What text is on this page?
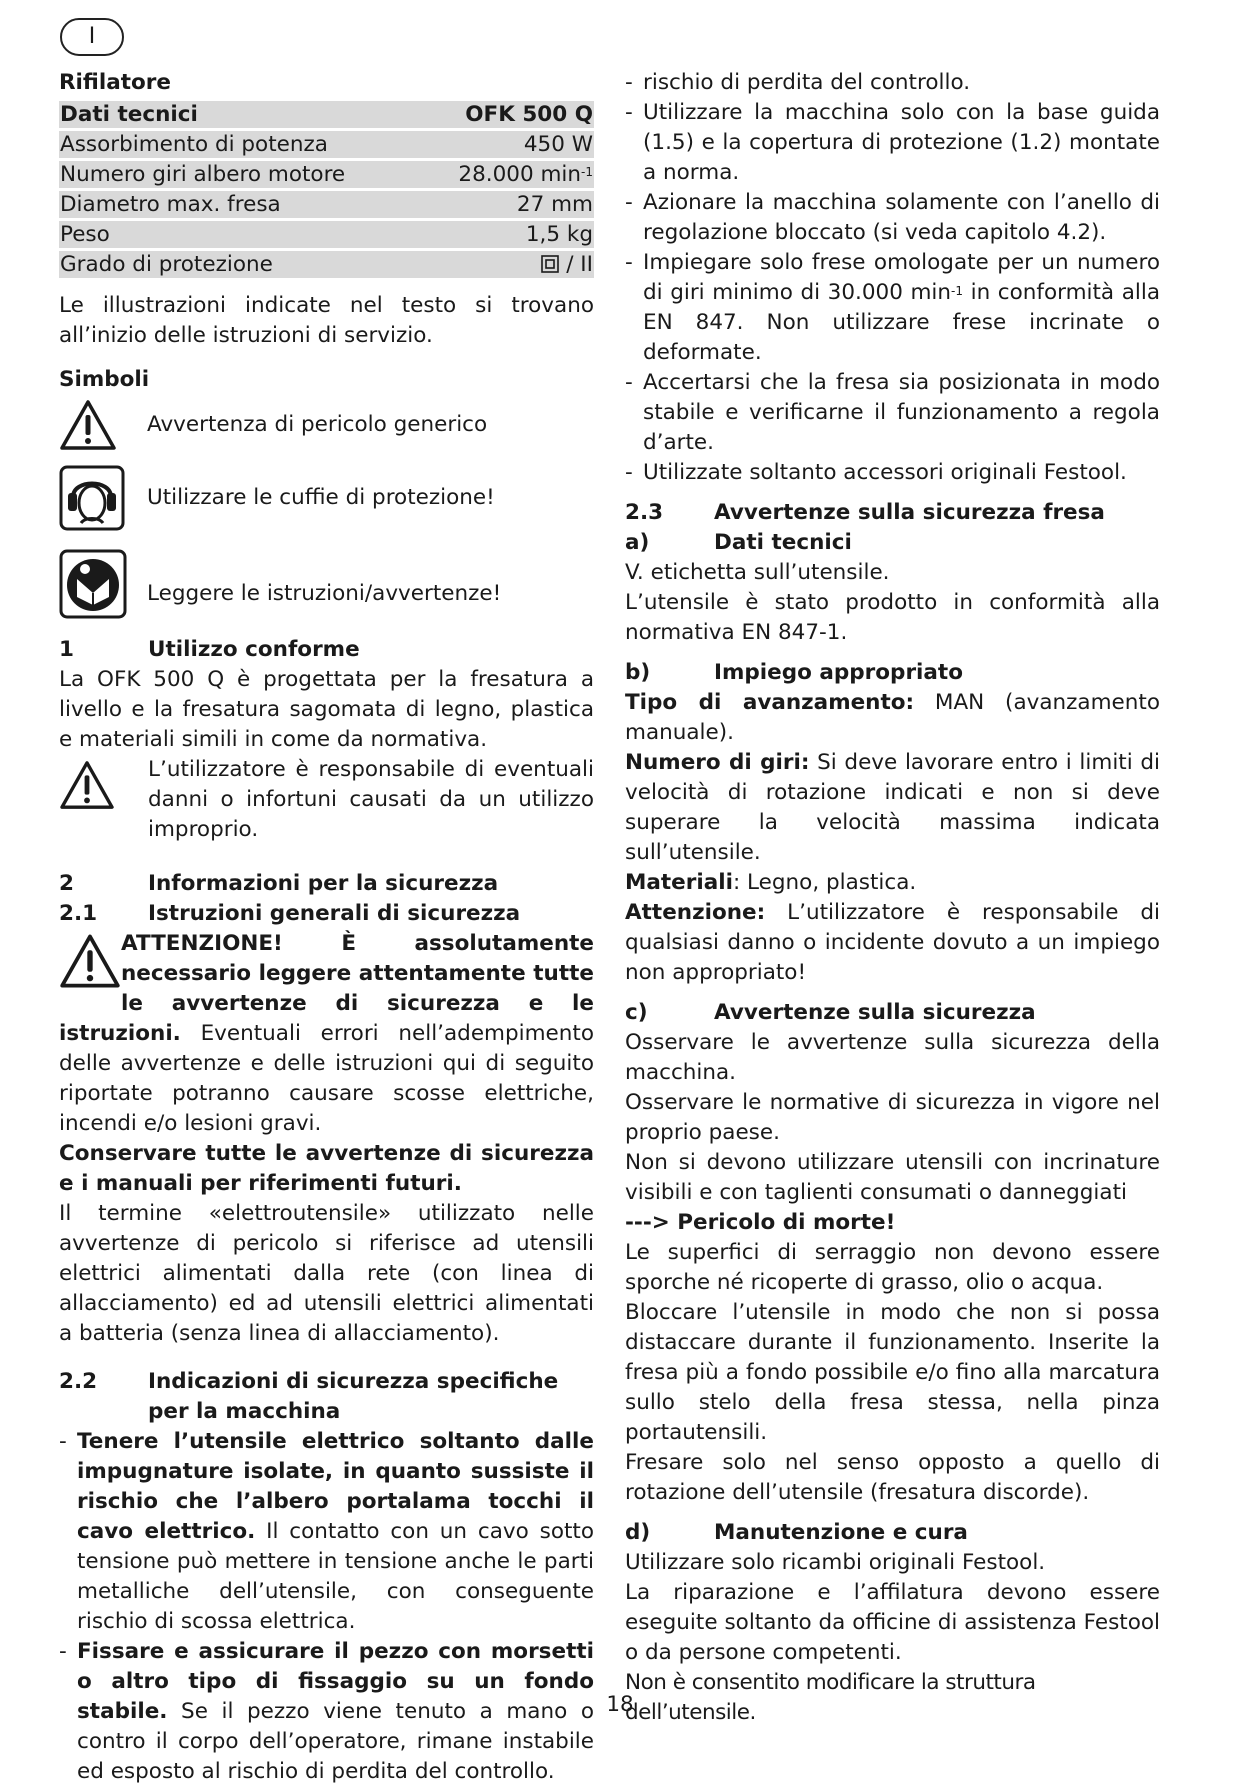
I

Rifilatore

Dati tecnici	OFK 500 Q
Assorbimento di potenza	450 W
Numero giri albero motore	28.000 $\min^{-1}$
Diametro max. fresa	27 mm
Peso	1,5 kg
Grado di protezione	/ II

Le illustrazioni indicate nel testo si trovano all’inizio delle istruzioni di servizio.

Simboli

Avvertenza di pericolo generico
Utilizzare le cuffie di protezione!
Leggere le istruzioni/avvertenze!
1	Utilizzo conforme

La OFK 500 Q è progettata per la fresatura a livello e la fresatura sagomata di legno, plastica e materiali simili in come da normativa.

L’utilizzatore è responsabile di eventuali danni o infortuni causati da un utilizzo improprio.

2	Informazioni per la sicurezza
2.1	Istruzioni generali di sicurezza

ATTENZIONE! È assolutamente necessario leggere attentamente tutte le avvertenze di sicurezza e le istruzioni. Eventuali errori nell’adempimento delle avvertenze e delle istruzioni qui di seguito riportate potranno causare scosse elettriche, incendi e/o lesioni gravi.

Conservare tutte le avvertenze di sicurezza e i manuali per riferimenti futuri.

Il termine «elettroutensile» utilizzato nelle avvertenze di pericolo si riferisce ad utensili elettrici alimentati dalla rete (con linea di allacciamento) ed ad utensili elettrici alimentati a batteria (senza linea di allacciamento).

2.2	Indicazioni di sicurezza specifiche per la macchina
- Tenere l’utensile elettrico soltanto dalle impugnature isolate, in quanto sussiste il rischio che l’albero portalama tocchi il cavo elettrico. Il contatto con un cavo sotto tensione può mettere in tensione anche le parti metalliche dell’utensile, con conseguente rischio di scossa elettrica.
- Fissare e assicurare il pezzo con morsetti o altro tipo di fissaggio su un fondo stabile. Se il pezzo viene tenuto a mano o contro il corpo dell’operatore, rimane instabile ed esposto al rischio di perdita del controllo.
- rischio di perdita del controllo.
- Utilizzare la macchina solo con la base guida (1.5) e la copertura di protezione (1.2) montate a norma.
- Azionare la macchina solamente con l’anello di regolazione bloccato (si veda capitolo 4.2).
- Impiegare solo frese omologate per un numero di giri minimo di 30.000 $\min^{-1}$ in conformità alla EN 847. Non utilizzare frese incrinate o deformate.
- Accertarsi che la fresa sia posizionata in modo stabile e verificarne il funzionamento a regola d’arte.
- Utilizzate soltanto accessori originali Festool.
2.3	Avvertenze sulla sicurezza fresa
a)	Dati tecnici

V. etichetta sull’utensile.

L’utensile è stato prodotto in conformità alla normativa EN 847-1.

b)	Impiego appropriato

Tipo di avanzamento: MAN (avanzamento manuale).

Numero di giri: Si deve lavorare entro i limiti di velocità di rotazione indicati e non si deve superare la velocità massima indicata sull’utensile.

Materiali: Legno, plastica.

Attenzione: L’utilizzatore è responsabile di qualsiasi danno o incidente dovuto a un impiego non appropriato!

c)	Avvertenze sulla sicurezza

Osservare le avvertenze sulla sicurezza della macchina.

Osservare le normative di sicurezza in vigore nel proprio paese.

Non si devono utilizzare utensili con incrinature visibili e con taglienti consumati o danneggiati

---> Pericolo di morte!

Le superfici di serraggio non devono essere sporche né ricoperte di grasso, olio o acqua.

Bloccare l’utensile in modo che non si possa distaccare durante il funzionamento. Inserite la fresa più a fondo possibile e/o fino alla marcatura sullo stelo della fresa stessa, nella pinza portautensili.

Fresare solo nel senso opposto a quello di rotazione dell’utensile (fresatura discorde).

d)	Manutenzione e cura

Utilizzare solo ricambi originali Festool.

La riparazione e l’affilatura devono essere eseguite soltanto da officine di assistenza Festool o da persone competenti.

Non è consentito modificare la struttura dell’utensile.

18
